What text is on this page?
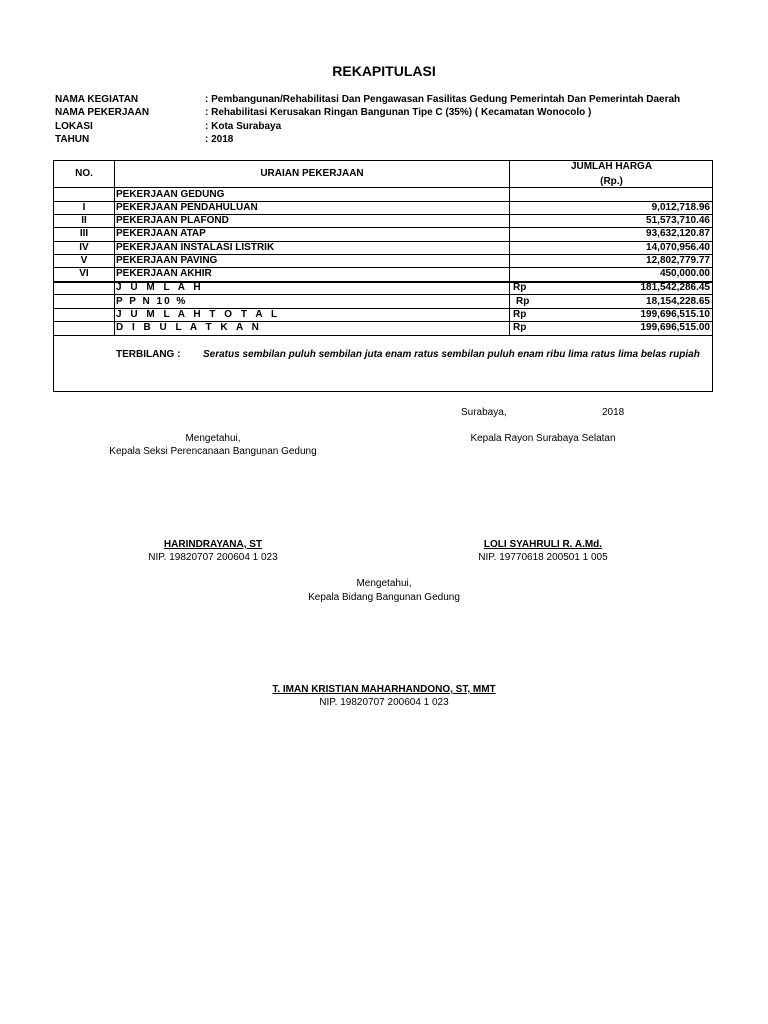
REKAPITULASI
NAMA KEGIATAN	: Pembangunan/Rehabilitasi Dan Pengawasan Fasilitas Gedung Pemerintah Dan Pemerintah Daerah
NAMA PEKERJAAN	: Rehabilitasi Kerusakan Ringan Bangunan Tipe C (35%) ( Kecamatan Wonocolo )
LOKASI	: Kota Surabaya
TAHUN	: 2018
NO.	URAIAN PEKERJAAN
JUMLAH HARGA
(Rp.)
PEKERJAAN GEDUNG
I	PEKERJAAN PENDAHULUAN	9,012,718.96
II	PEKERJAAN PLAFOND	51,573,710.46
III	PEKERJAAN ATAP	93,632,120.87
IV	PEKERJAAN INSTALASI LISTRIK	14,070,956.40
V	PEKERJAAN PAVING	12,802,779.77
VI	PEKERJAAN AKHIR	450,000.00
J U M L A H	Rp	181,542,286.45
P P N 10 %	Rp	18,154,228.65
J U M L A H T O T A L	Rp	199,696,515.10
D I B U L A T K A N	Rp	199,696,515.00
TERBILANG : Seratus sembilan puluh sembilan juta enam ratus sembilan puluh enam ribu lima ratus lima belas rupiah
Surabaya,	2018
Mengetahui,
Kepala Seksi Perencanaan Bangunan Gedung
HARINDRAYANA, ST
NIP. 19820707 200604 1 023
Kepala Rayon Surabaya Selatan
LOLI SYAHRULI R. A.Md.
NIP. 19770618 200501 1 005
Mengetahui,
Kepala Bidang Bangunan Gedung
T. IMAN KRISTIAN MAHARHANDONO, ST, MMT
NIP. 19820707 200604 1 023
